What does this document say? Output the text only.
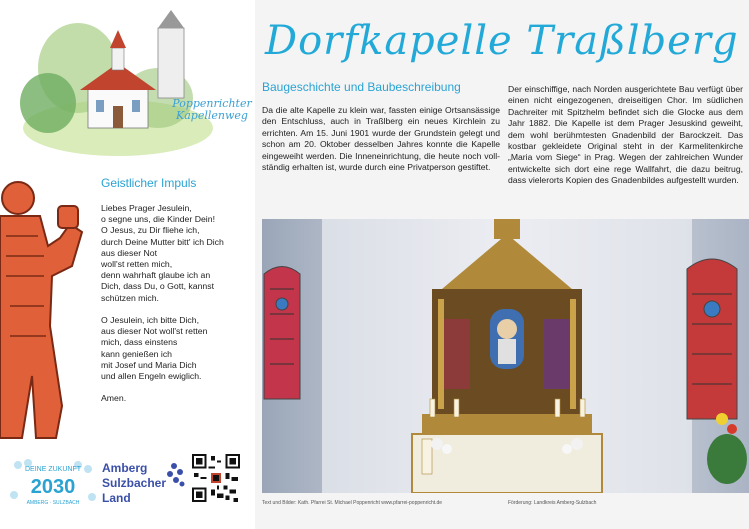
Poppenrichter
Kapellenweg
Geistlicher Impuls
Liebes Prager Jesulein,
o segne uns, die Kinder Dein!
O Jesus, zu Dir fliehe ich,
durch Deine Mutter bitt' ich Dich
aus dieser Not
woll'st retten mich,
denn wahrhaft glaube ich an
Dich, dass Du, o Gott, kannst
schützen mich.

O Jesulein, ich bitte Dich,
aus dieser Not woll'st retten
mich, dass einstens
kann genießen ich
mit Josef und Maria Dich
und allen Engeln ewiglich.

Amen.
DEINE ZUKUNFT
2030
AMBERG · SULZBACH
Amberg
Sulzbacher
Land
Dorfkapelle Traßlberg
Baugeschichte und Baubeschreibung
Da die alte Kapelle zu klein war, fassten einige Ortsansässige den Entschluss, auch in Traßlberg ein neues Kirchlein zu errichten. Am 15. Juni 1901 wurde der Grundstein gelegt und schon am 20. Oktober desselben Jahres konnte die Kapelle eingeweiht werden. Die Inneneinrichtung, die heute noch vollständig erhalten ist, wurde durch eine Privatperson gestiftet.
Der einschiffige, nach Norden ausgerichtete Bau verfügt über einen nicht eingezogenen, dreiseitigen Chor. Im südlichen Dachreiter mit Spitzhelm befindet sich die Glocke aus dem Jahr 1882. Die Kapelle ist dem Prager Jesuskind geweiht, dem wohl berühmtesten Gnadenbild der Barockzeit. Das kostbar gekleidete Original steht in der Karmelitenkirche „Maria vom Siege“ in Prag. Wegen der zahlreichen Wunder entwickelte sich dort eine rege Wallfahrt, die dazu beitrug, dass vielerorts Kopien des Gnadenbildes aufgestellt wurden.
Text und Bilder: Kath. Pfarrei St. Michael Poppenricht www.pfarrei-poppenricht.de	Förderung: Landkreis Amberg-Sulzbach
